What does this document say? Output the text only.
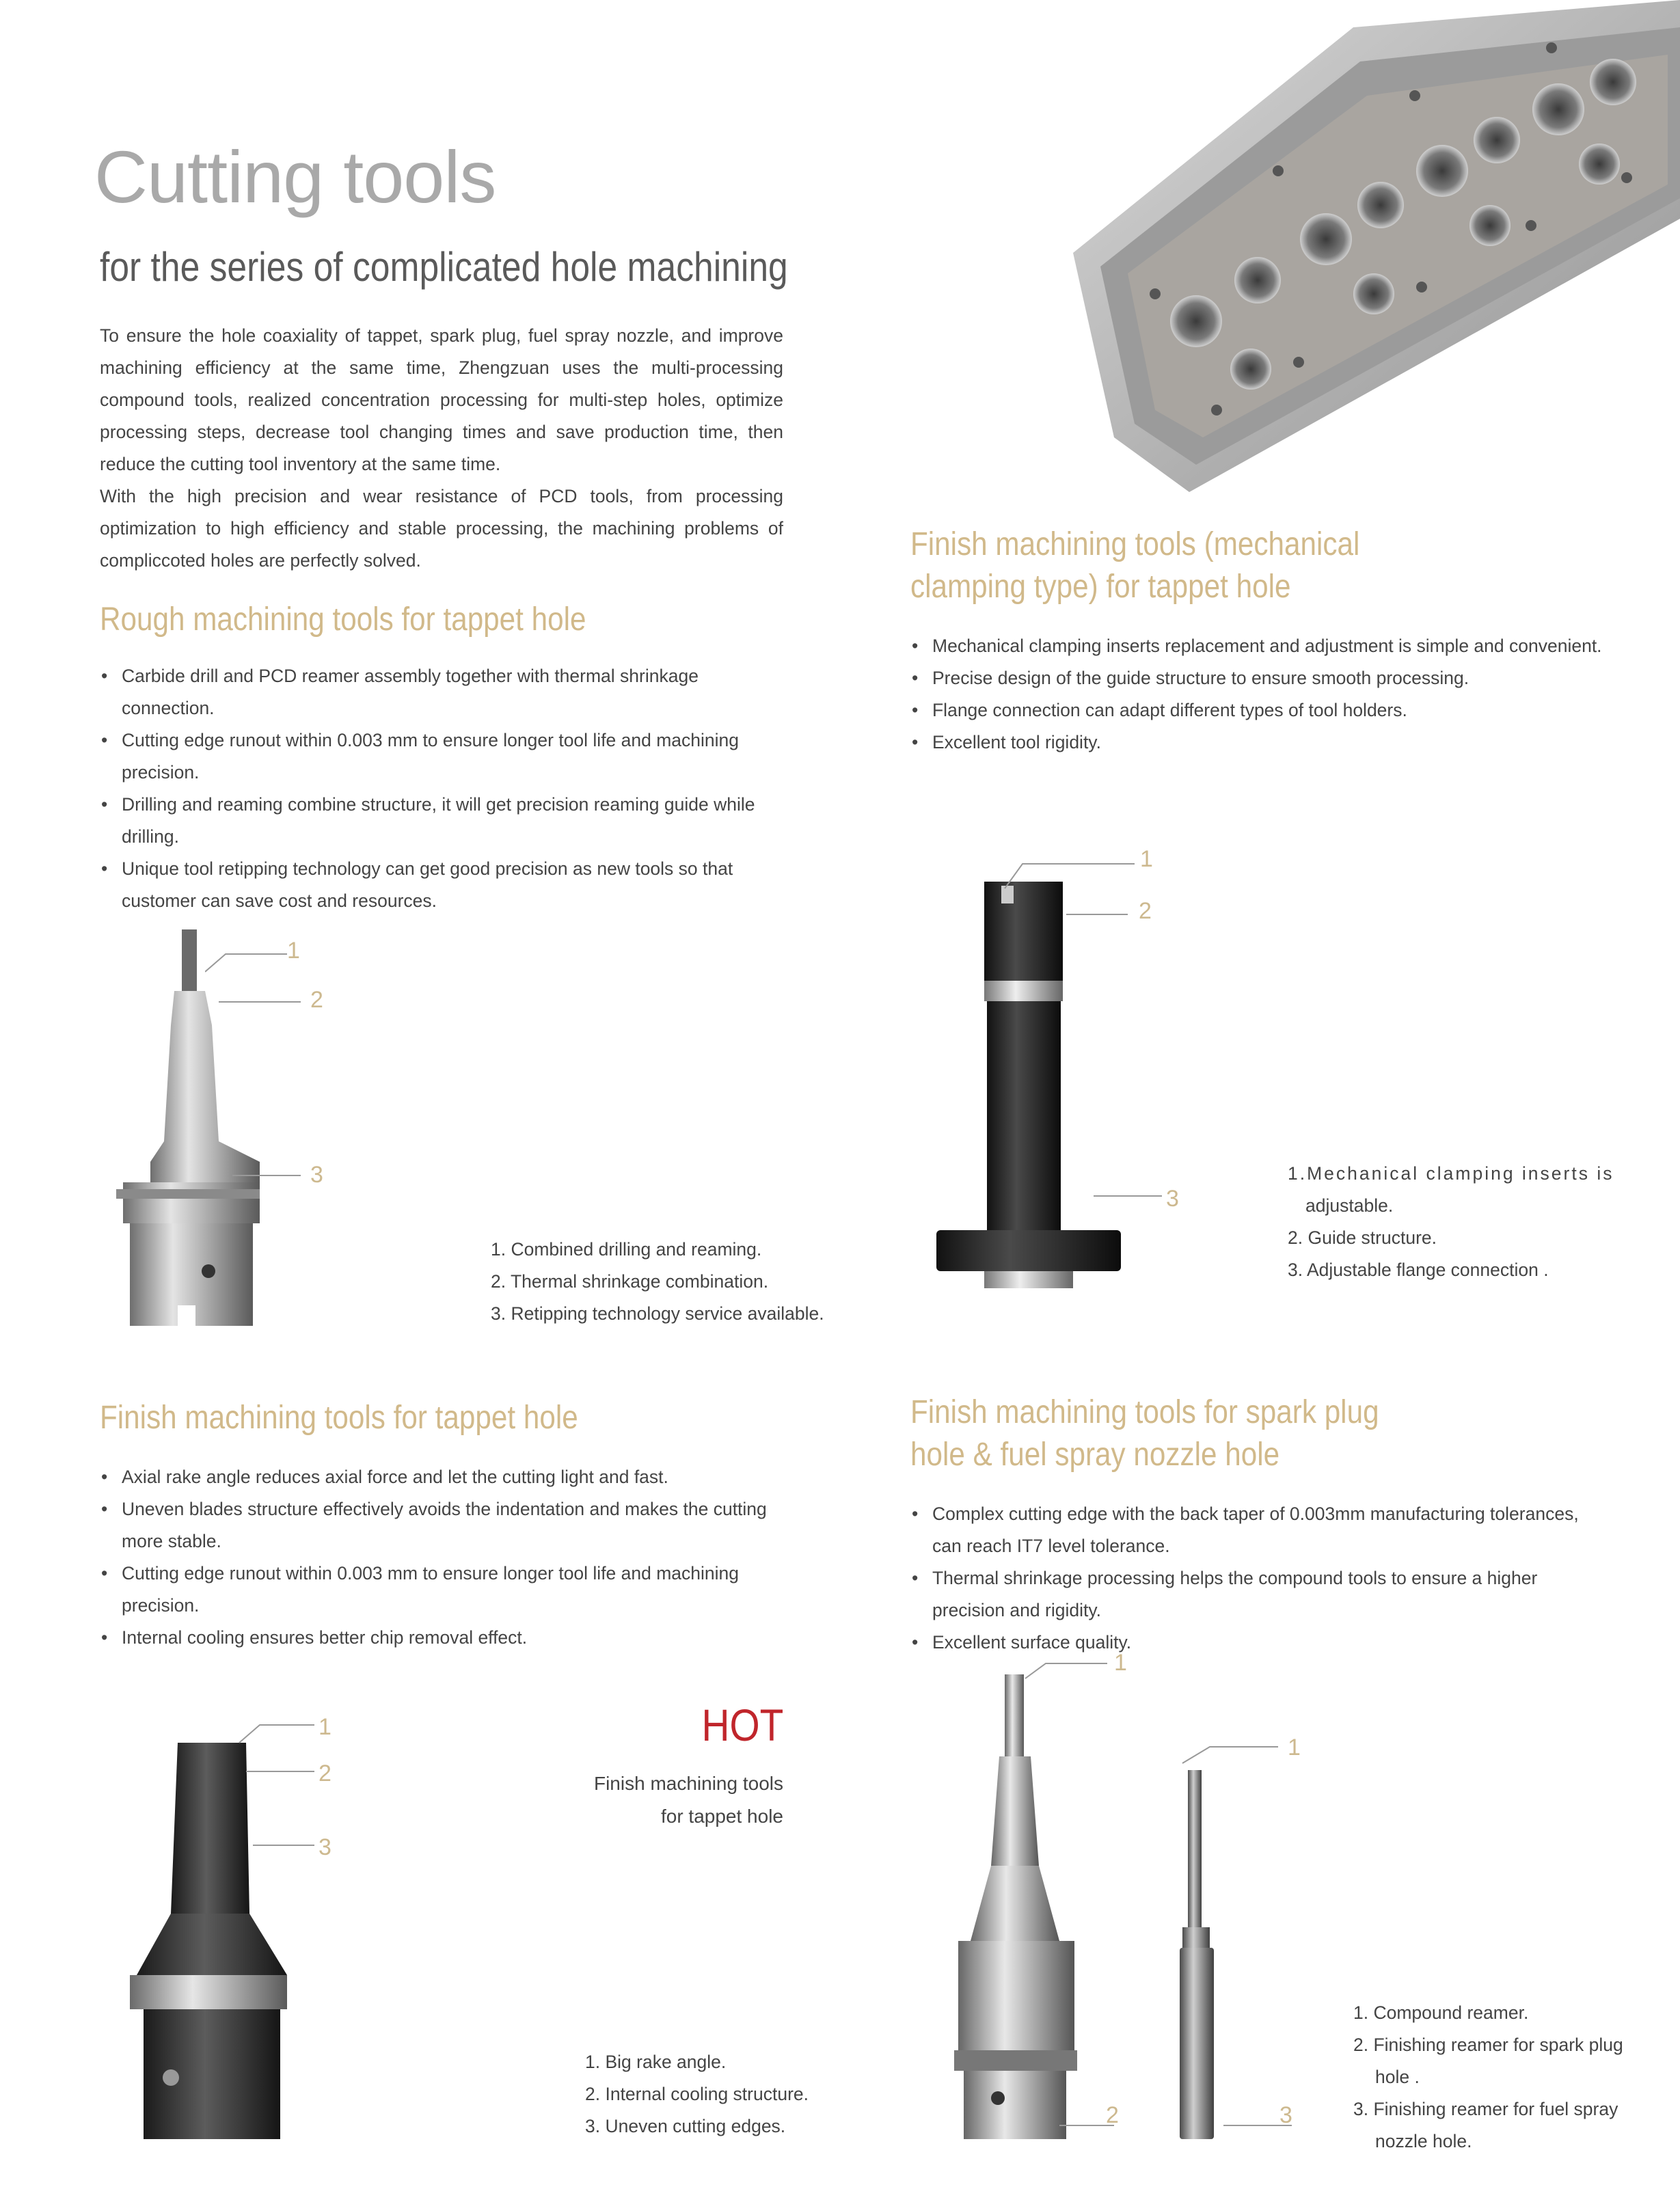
Cutting tools
for the series of complicated hole machining

To ensure the hole coaxiality of tappet, spark plug, fuel spray nozzle, and improve machining efficiency at the same time, Zhengzuan uses the multi-processing compound tools, realized concentration processing for multi-step holes, optimize processing steps, decrease tool changing times and save production time, then reduce the cutting tool inventory at the same time.

With the high precision and wear resistance of PCD tools, from processing optimization to high efficiency and stable processing, the machining problems of compliccoted holes are perfectly solved.

Rough machining tools for tappet hole
• Carbide drill and PCD reamer assembly together with thermal shrinkage connection.
• Cutting edge runout within 0.003 mm to ensure longer tool life and machining precision.
• Drilling and reaming combine structure, it will get precision reaming guide while drilling.
• Unique tool retipping technology can get good precision as new tools so that customer can save cost and resources.
1
2
3
1. Combined drilling and reaming.
2. Thermal shrinkage combination.
3. Retipping technology service available.
Finish machining tools (mechanical
clamping type) for tappet hole
• Mechanical clamping inserts replacement and adjustment is simple and convenient.
• Precise design of the guide structure to ensure smooth processing.
• Flange connection can adapt different types of tool holders.
• Excellent tool rigidity.
1
2
3
1.Mechanical clamping inserts is
adjustable.
2. Guide structure.
3. Adjustable flange connection .
Finish machining tools for tappet hole
• Axial rake angle reduces axial force and let the cutting light and fast.
• Uneven blades structure effectively avoids the indentation and makes the cutting more stable.
• Cutting edge runout within 0.003 mm to ensure longer tool life and machining precision.
• Internal cooling ensures better chip removal effect.
HOT
Finish machining tools
for tappet hole
1
2
3
1. Big rake angle.
2. Internal cooling structure.
3. Uneven cutting edges.
Finish machining tools for spark plug
hole & fuel spray nozzle hole
• Complex cutting edge with the back taper of 0.003mm manufacturing tolerances, can reach IT7 level tolerance.
• Thermal shrinkage processing helps the compound tools to ensure a higher precision and rigidity.
• Excellent surface quality.
1
1
2	3
1. Compound reamer.
2. Finishing reamer for spark plug
hole .
3. Finishing reamer for fuel spray
nozzle hole.
